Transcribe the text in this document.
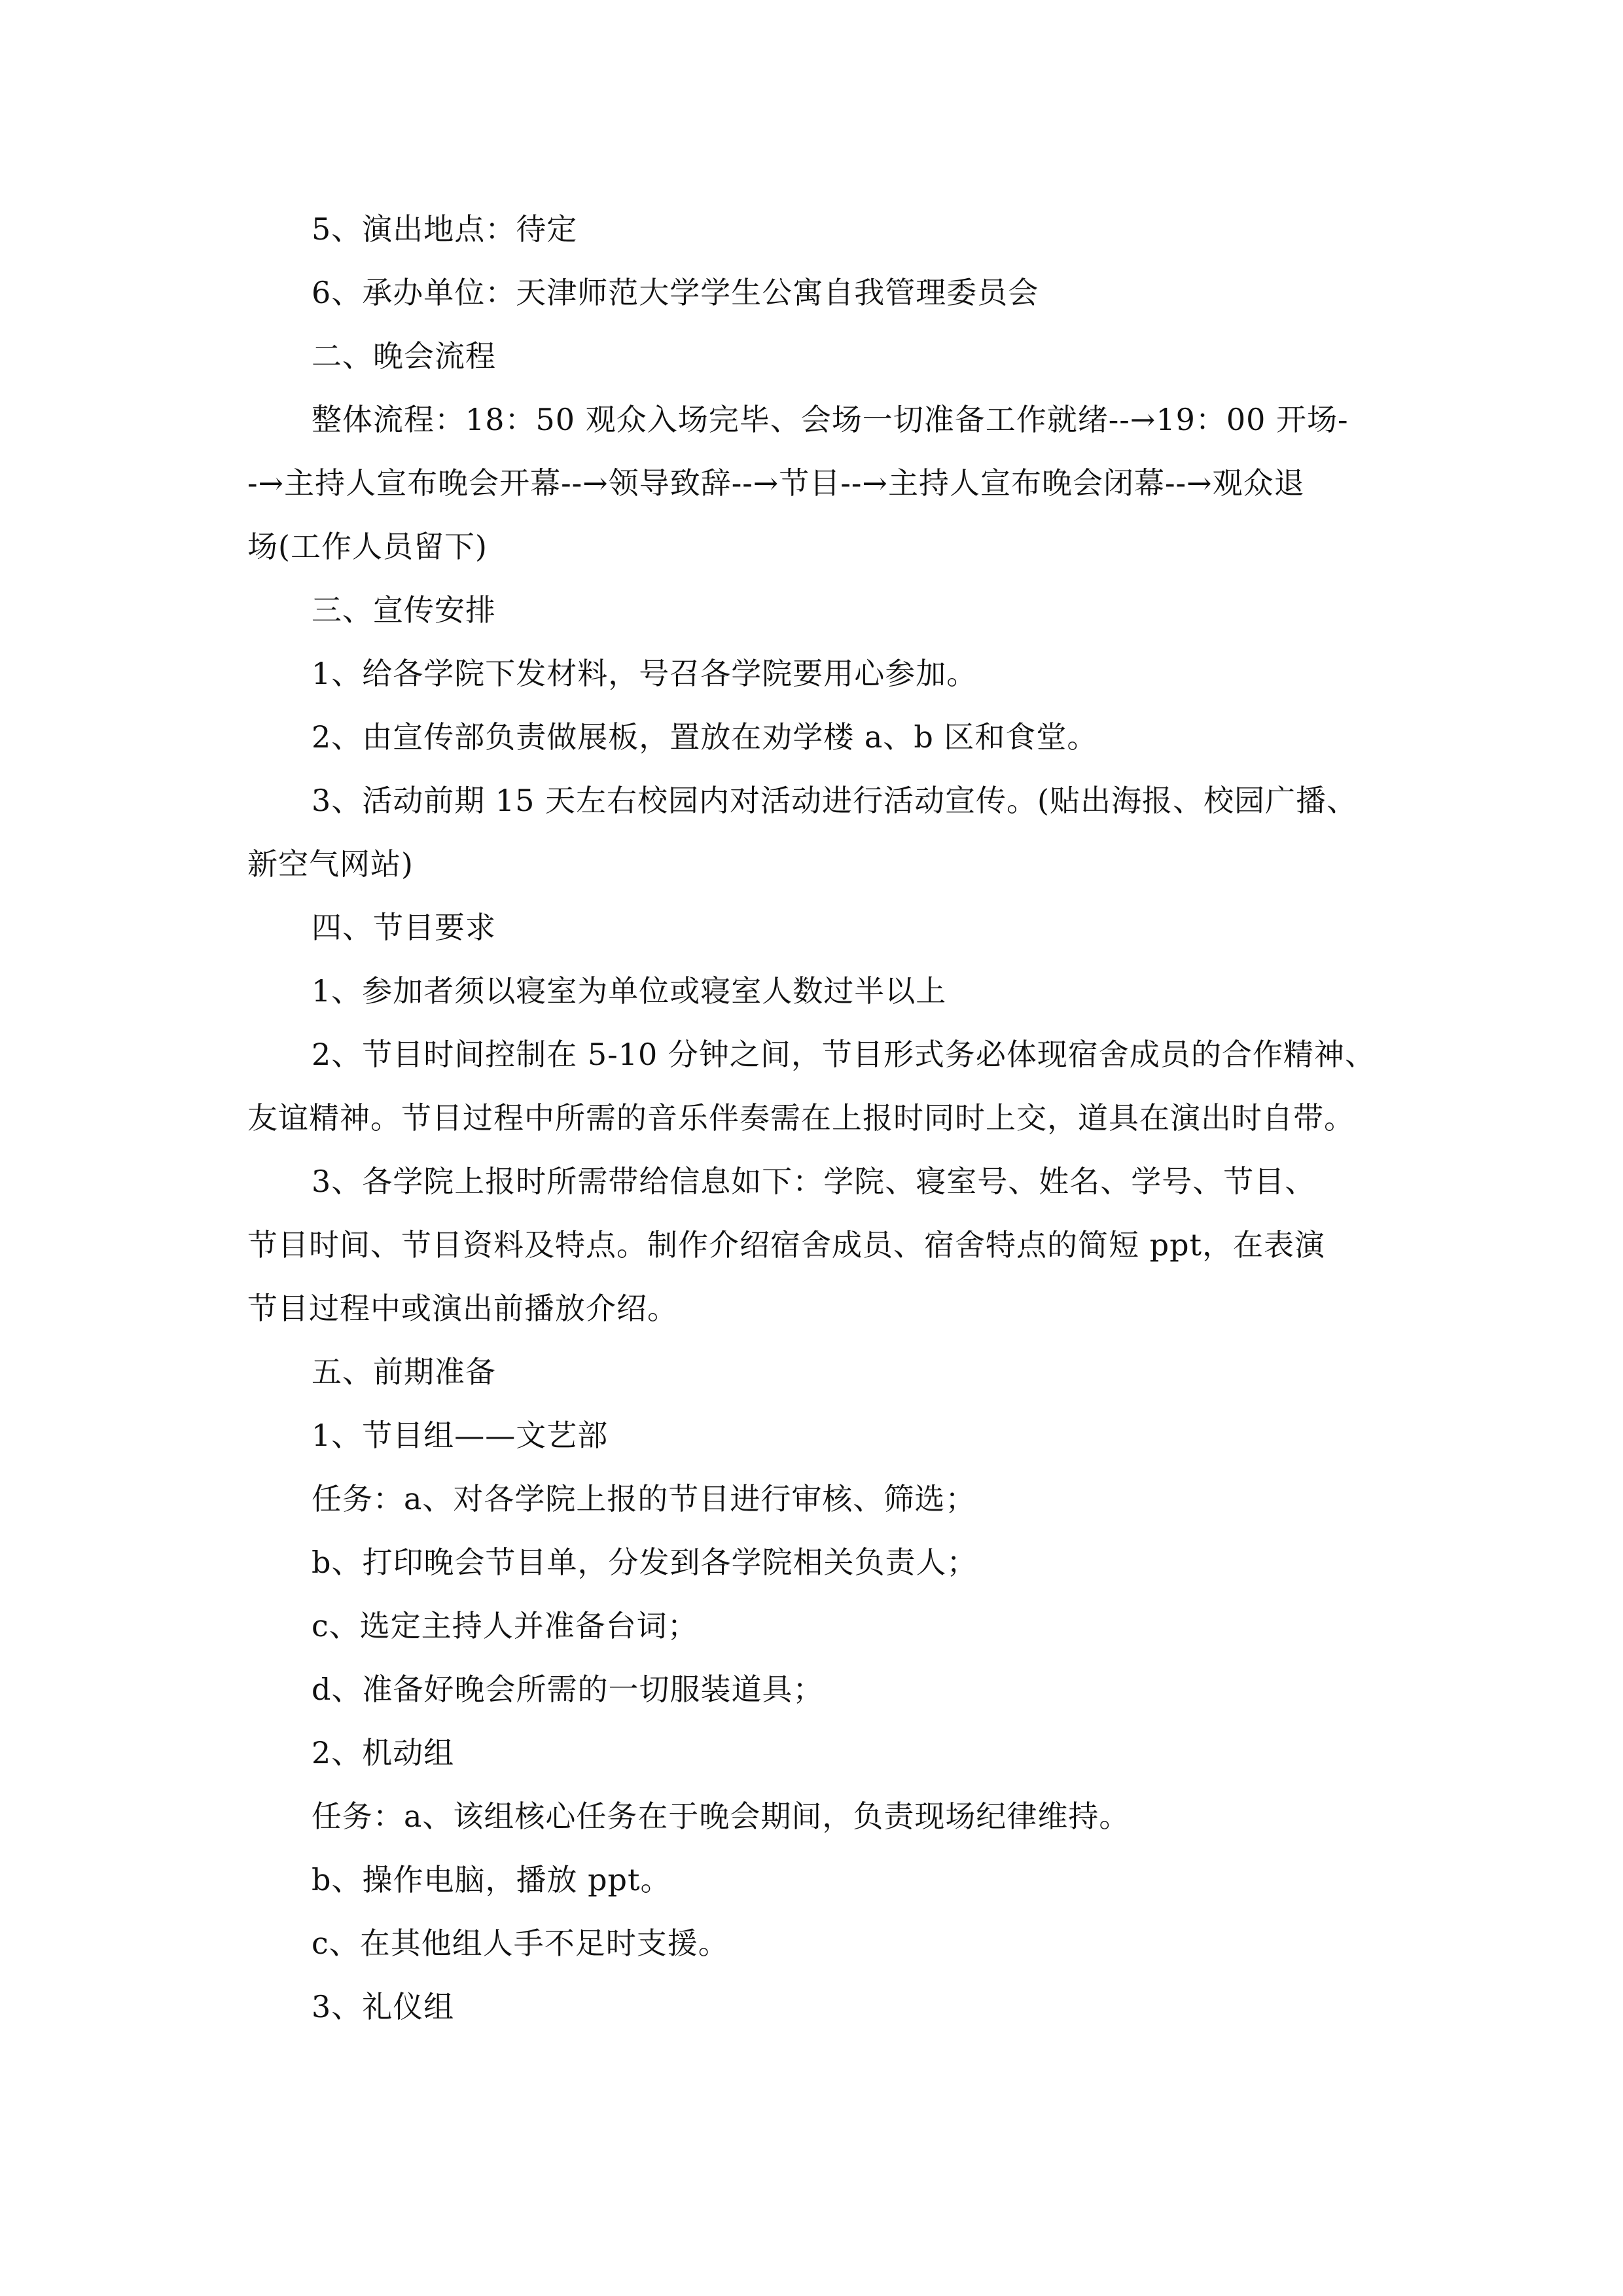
5、演出地点：待定
6、承办单位：天津师范大学学生公寓自我管理委员会
二、晚会流程
整体流程：18：50 观众入场完毕、会场一切准备工作就绪--→19：00 开场-
-→主持人宣布晚会开幕--→领导致辞--→节目--→主持人宣布晚会闭幕--→观众退
场(工作人员留下)
三、宣传安排
1、给各学院下发材料，号召各学院要用心参加。
2、由宣传部负责做展板，置放在劝学楼 a、b 区和食堂。
3、活动前期 15 天左右校园内对活动进行活动宣传。(贴出海报、校园广播、
新空气网站)
四、节目要求
1、参加者须以寝室为单位或寝室人数过半以上
2、节目时间控制在 5-10 分钟之间，节目形式务必体现宿舍成员的合作精神、
友谊精神。节目过程中所需的音乐伴奏需在上报时同时上交，道具在演出时自带。
3、各学院上报时所需带给信息如下：学院、寝室号、姓名、学号、节目、
节目时间、节目资料及特点。制作介绍宿舍成员、宿舍特点的简短 ppt，在表演
节目过程中或演出前播放介绍。
五、前期准备
1、节目组——文艺部
任务：a、对各学院上报的节目进行审核、筛选；
b、打印晚会节目单，分发到各学院相关负责人；
c、选定主持人并准备台词；
d、准备好晚会所需的一切服装道具；
2、机动组
任务：a、该组核心任务在于晚会期间，负责现场纪律维持。
b、操作电脑，播放 ppt。
c、在其他组人手不足时支援。
3、礼仪组
